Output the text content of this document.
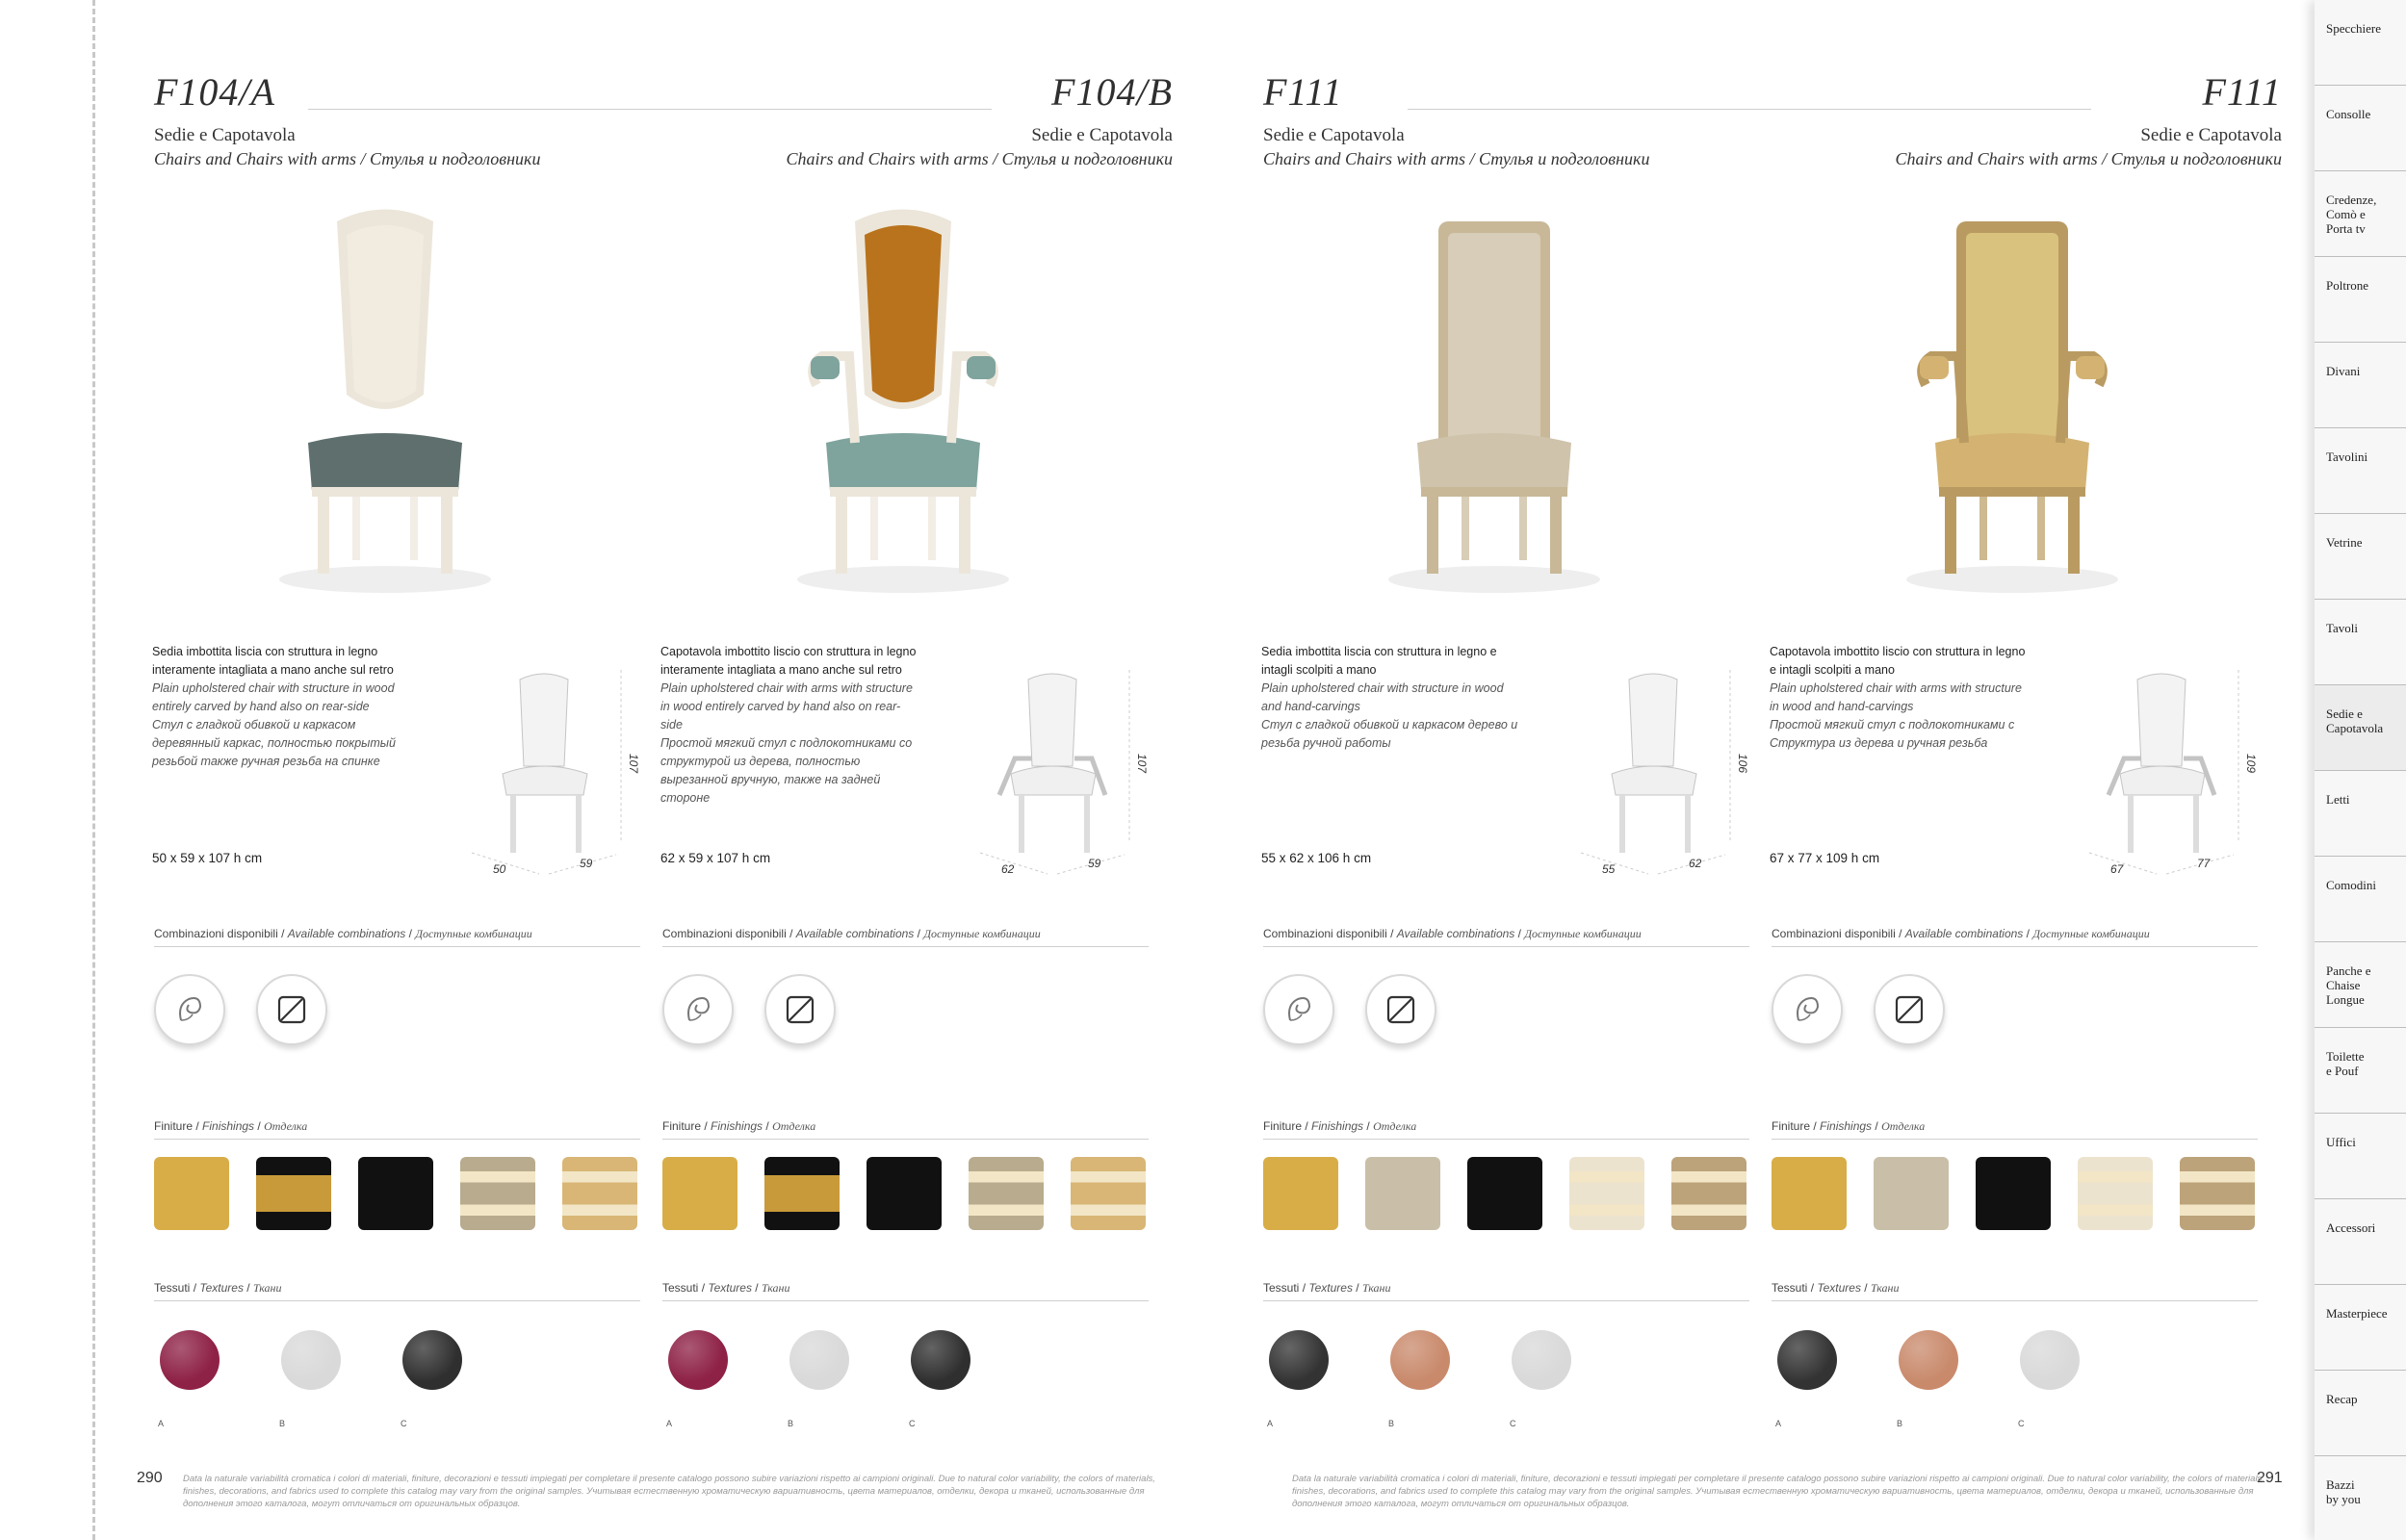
F104/A
Sedie e Capotavola
Chairs and Chairs with arms / Стулья и подголовники
Sedia imbottita liscia con struttura in legno interamente intagliata a mano anche sul retro
Plain upholstered chair with structure in wood entirely carved by hand also on rear-side
Стул с гладкой обивкой и каркасом деревянный каркас, полностью покрытый резьбой также ручная резьба на спинке
50 x 59 x 107 h cm
107
50	59
Combinazioni disponibili / Available combinations / Доступные комбинации
Finiture / Finishings / Отделка
Tessuti / Textures / Ткани
A	B	C
F104/B
Sedie e Capotavola
Chairs and Chairs with arms / Стулья и подголовники
Capotavola imbottito liscio con struttura in legno interamente intagliata a mano anche sul retro
Plain upholstered chair with arms with structure in wood entirely carved by hand also on rear-side
Простой мягкий стул с подлокотниками со структурой из дерева, полностью вырезанной вручную, также на задней стороне
62 x 59 x 107 h cm
107
62	59
Combinazioni disponibili / Available combinations / Доступные комбинации
Finiture / Finishings / Отделка
Tessuti / Textures / Ткани
A	B	C
290 Data la naturale variabilità cromatica i colori di materiali, finiture, decorazioni e tessuti impiegati per completare il presente catalogo possono subire variazioni rispetto ai campioni originali. Due to natural color variability, the colors of materials, finishes, decorations, and fabrics used to complete this catalog may vary from the original samples. Учитывая естественную хроматическую вариативность, цвета материалов, отделки, декора и тканей, использованные для дополнения этого каталога, могут отличаться от оригинальных образцов.
F111
Sedie e Capotavola
Chairs and Chairs with arms / Стулья и подголовники
Sedia imbottita liscia con struttura in legno e intagli scolpiti a mano
Plain upholstered chair with structure in wood and hand-carvings
Стул с гладкой обивкой и каркасом дерево и резьба ручной работы
55 x 62 x 106 h cm
106
55	62
Combinazioni disponibili / Available combinations / Доступные комбинации
Finiture / Finishings / Отделка
Tessuti / Textures / Ткани
A	B	C
F111
Sedie e Capotavola
Chairs and Chairs with arms / Стулья и подголовники
Capotavola imbottito liscio con struttura in legno e intagli scolpiti a mano
Plain upholstered chair with arms with structure in wood and hand-carvings
Простой мягкий стул с подлокотниками с Структура из дерева и ручная резьба
67 x 77 x 109 h cm
109
67	77
Combinazioni disponibili / Available combinations / Доступные комбинации
Finiture / Finishings / Отделка
Tessuti / Textures / Ткани
A	B	C
291
Data la naturale variabilità cromatica i colori di materiali, finiture, decorazioni e tessuti impiegati per completare il presente catalogo possono subire variazioni rispetto ai campioni originali. Due to natural color variability, the colors of materials, finishes, decorations, and fabrics used to complete this catalog may vary from the original samples. Учитывая естественную хроматическую вариативность, цвета материалов, отделки, декора и тканей, использованные для дополнения этого каталога, могут отличаться от оригинальных образцов.
Specchiere
Consolle
Credenze,
Comò e
Porta tv
Poltrone
Divani
Tavolini
Vetrine
Tavoli
Sedie e
Capotavola
Letti
Comodini
Panche e
Chaise
Longue
Toilette
e Pouf
Uffici
Accessori
Masterpiece
Recap
Bazzi
by you
